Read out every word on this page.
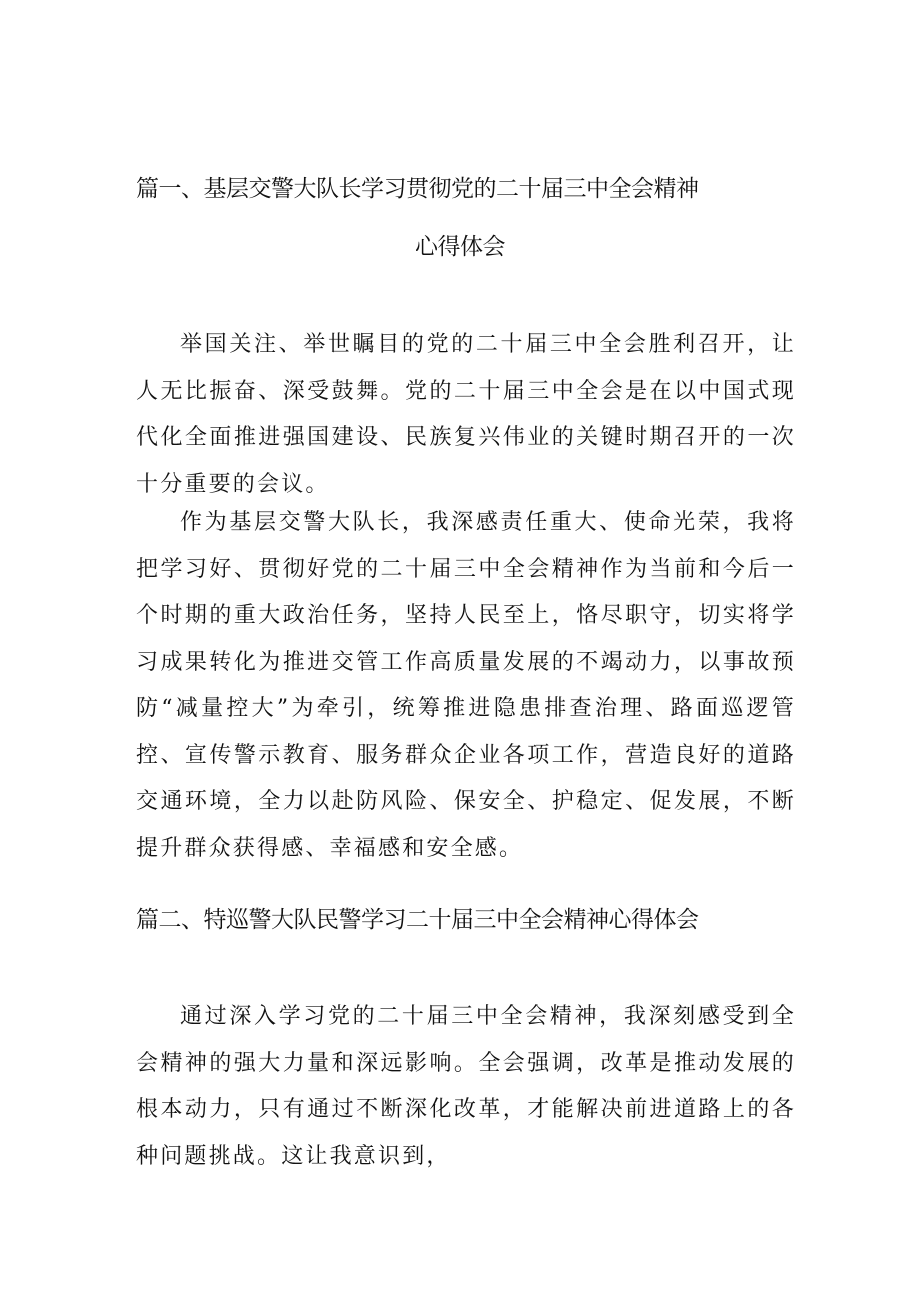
篇一、基层交警大队长学习贯彻党的二十届三中全会精神
心得体会

举国关注、举世瞩目的党的二十届三中全会胜利召开，让人无比振奋、深受鼓舞。党的二十届三中全会是在以中国式现代化全面推进强国建设、民族复兴伟业的关键时期召开的一次十分重要的会议。

作为基层交警大队长，我深感责任重大、使命光荣，我将把学习好、贯彻好党的二十届三中全会精神作为当前和今后一个时期的重大政治任务，坚持人民至上，恪尽职守，切实将学习成果转化为推进交管工作高质量发展的不竭动力，以事故预防“减量控大”为牵引，统筹推进隐患排查治理、路面巡逻管控、宣传警示教育、服务群众企业各项工作，营造良好的道路交通环境，全力以赴防风险、保安全、护稳定、促发展，不断提升群众获得感、幸福感和安全感。

篇二、特巡警大队民警学习二十届三中全会精神心得体会

通过深入学习党的二十届三中全会精神，我深刻感受到全会精神的强大力量和深远影响。全会强调，改革是推动发展的根本动力，只有通过不断深化改革，才能解决前进道路上的各种问题挑战。这让我意识到，
